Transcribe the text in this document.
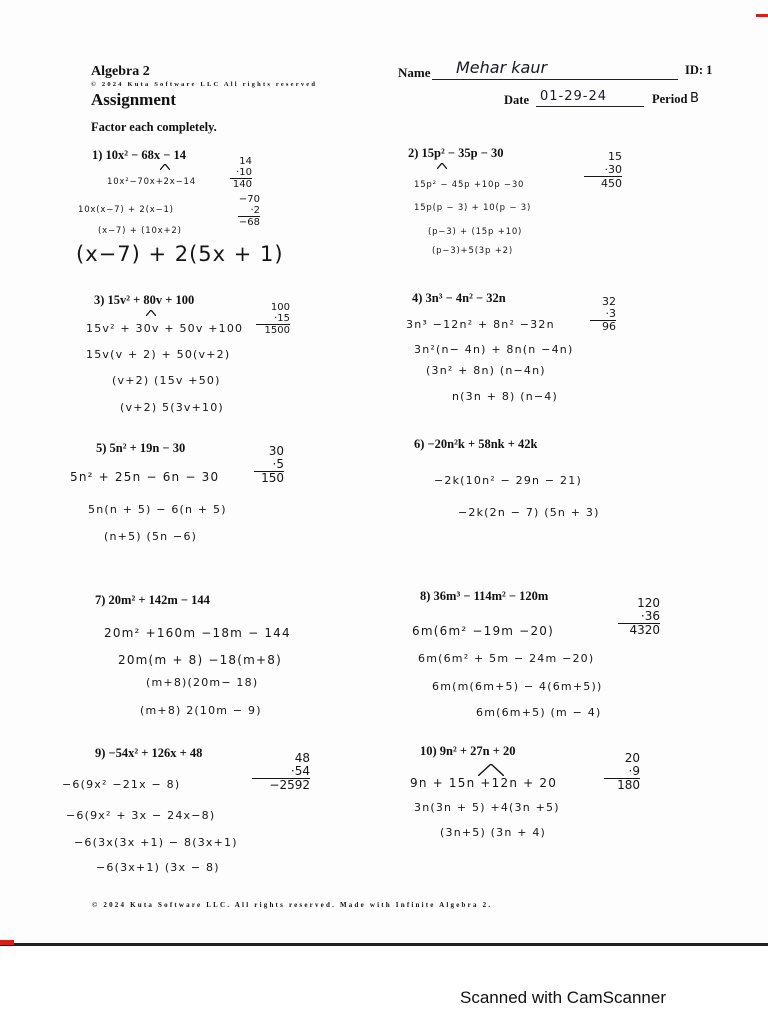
Algebra 2
© 2024 Kuta Software LLC All rights reserved
Assignment
Factor each completely.
Name Mehar kaur	ID: 1
Date 01-29-24	Period B
1) 10x² − 68x − 14
10x²−70x+2x−14
10x(x−7) + 2(x−1)
(x−7) + (10x+2)
(x−7) + 2(5x + 1)
14
·10
140
−70
·2
−68
2) 15p² − 35p − 30
15p² − 45p +10p −30
15p(p − 3) + 10(p − 3)
(p−3) + (15p +10)
(p−3)+5(3p +2)
15
·30
450
3) 15v² + 80v + 100
15v² + 30v + 50v +100
15v(v + 2) + 50(v+2)
(v+2) (15v +50)
(v+2) 5(3v+10)
100
·15
1500
4) 3n³ − 4n² − 32n
3n³ −12n² + 8n² −32n
3n²(n− 4n) + 8n(n −4n)
(3n² + 8n) (n−4n)
n(3n + 8) (n−4)
32
·3
96
5) 5n² + 19n − 30
5n² + 25n − 6n − 30
5n(n + 5) − 6(n + 5)
(n+5) (5n −6)
30
·5
150
6) −20n²k + 58nk + 42k
−2k(10n² − 29n − 21)
−2k(2n − 7) (5n + 3)
7) 20m² + 142m − 144
20m² +160m −18m − 144
20m(m + 8) −18(m+8)
(m+8)(20m− 18)
(m+8) 2(10m − 9)
8) 36m³ − 114m² − 120m
6m(6m² −19m −20)
6m(6m² + 5m − 24m −20)
6m(m(6m+5) − 4(6m+5))
6m(6m+5) (m − 4)
120
·36
4320
9) −54x² + 126x + 48
−6(9x² −21x − 8)
−6(9x² + 3x − 24x−8)
−6(3x(3x +1) − 8(3x+1)
−6(3x+1) (3x − 8)
48
·54
−2592
10) 9n² + 27n + 20
9n + 15n +12n + 20
3n(3n + 5) +4(3n +5)
(3n+5) (3n + 4)
20
·9
180
© 2024 Kuta Software LLC. All rights reserved. Made with Infinite Algebra 2.
Scanned with CamScanner
